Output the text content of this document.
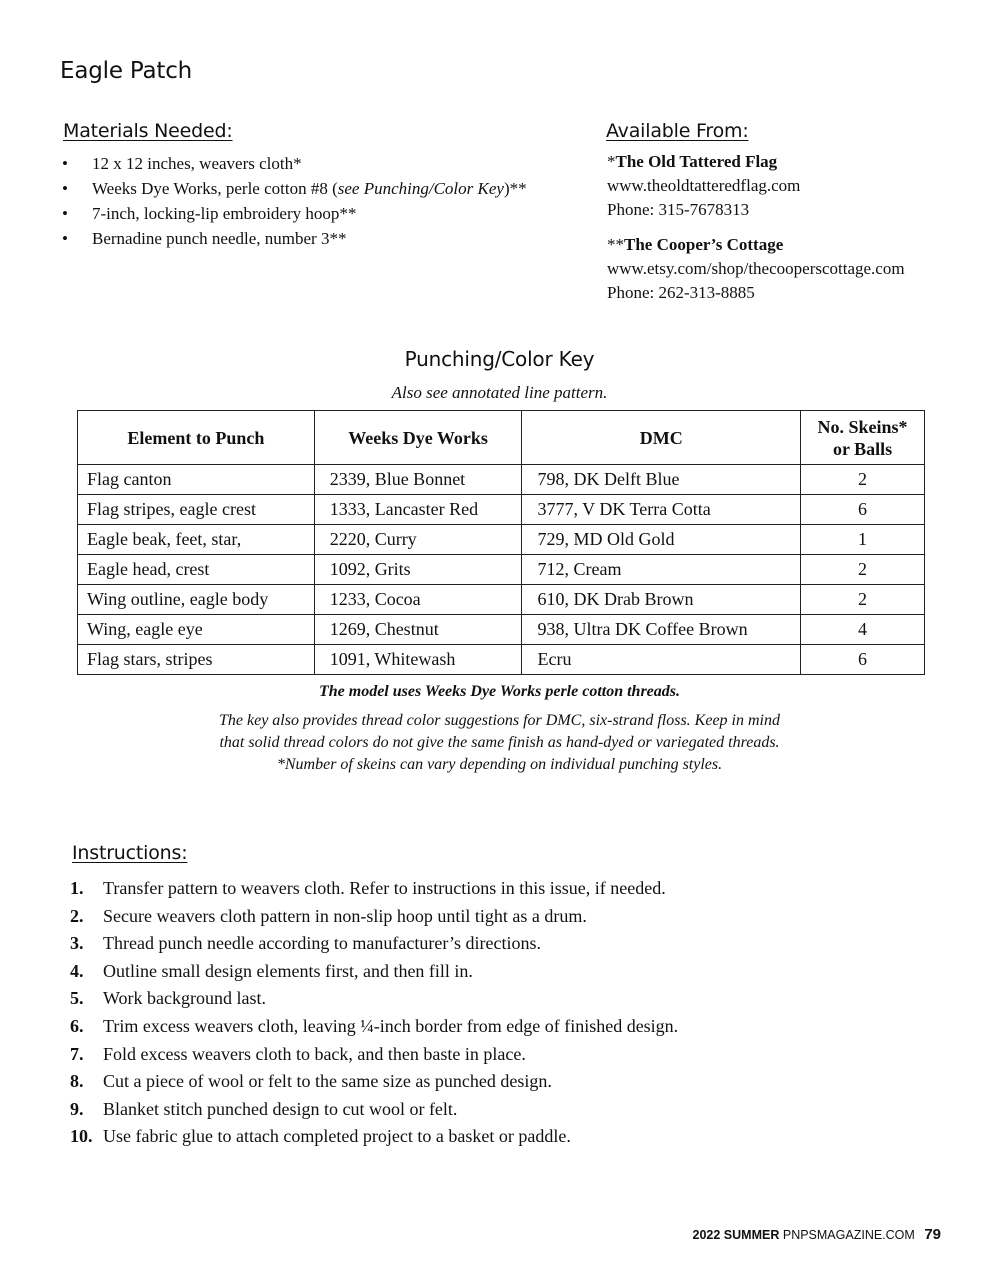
Eagle Patch
Materials Needed:
• 12 x 12 inches, weavers cloth*
• Weeks Dye Works, perle cotton #8 (see Punching/Color Key)**
• 7-inch, locking-lip embroidery hoop**
• Bernadine punch needle, number 3**
Available From:
*The Old Tattered Flag
www.theoldtatteredflag.com
Phone: 315-7678313
**The Cooper’s Cottage
www.etsy.com/shop/thecooperscottage.com
Phone: 262-313-8885
Punching/Color Key
Also see annotated line pattern.
Element to Punch	Weeks Dye Works	DMC	No. Skeins* or Balls
Flag canton	2339, Blue Bonnet	798, DK Delft Blue	2
Flag stripes, eagle crest	1333, Lancaster Red	3777, V DK Terra Cotta	6
Eagle beak, feet, star,	2220, Curry	729, MD Old Gold	1
Eagle head, crest	1092, Grits	712, Cream	2
Wing outline, eagle body	1233, Cocoa	610, DK Drab Brown	2
Wing, eagle eye	1269, Chestnut	938, Ultra DK Coffee Brown	4
Flag stars, stripes	1091, Whitewash	Ecru	6
The model uses Weeks Dye Works perle cotton threads.
The key also provides thread color suggestions for DMC, six-strand floss. Keep in mind
that solid thread colors do not give the same finish as hand-dyed or variegated threads.
*Number of skeins can vary depending on individual punching styles.
Instructions:
1. Transfer pattern to weavers cloth. Refer to instructions in this issue, if needed.
2. Secure weavers cloth pattern in non-slip hoop until tight as a drum.
3. Thread punch needle according to manufacturer’s directions.
4. Outline small design elements first, and then fill in.
5. Work background last.
6. Trim excess weavers cloth, leaving ¼-inch border from edge of finished design.
7. Fold excess weavers cloth to back, and then baste in place.
8. Cut a piece of wool or felt to the same size as punched design.
9. Blanket stitch punched design to cut wool or felt.
10. Use fabric glue to attach completed project to a basket or paddle.
2022 SUMMER PNPSMAGAZINE.COM 79
